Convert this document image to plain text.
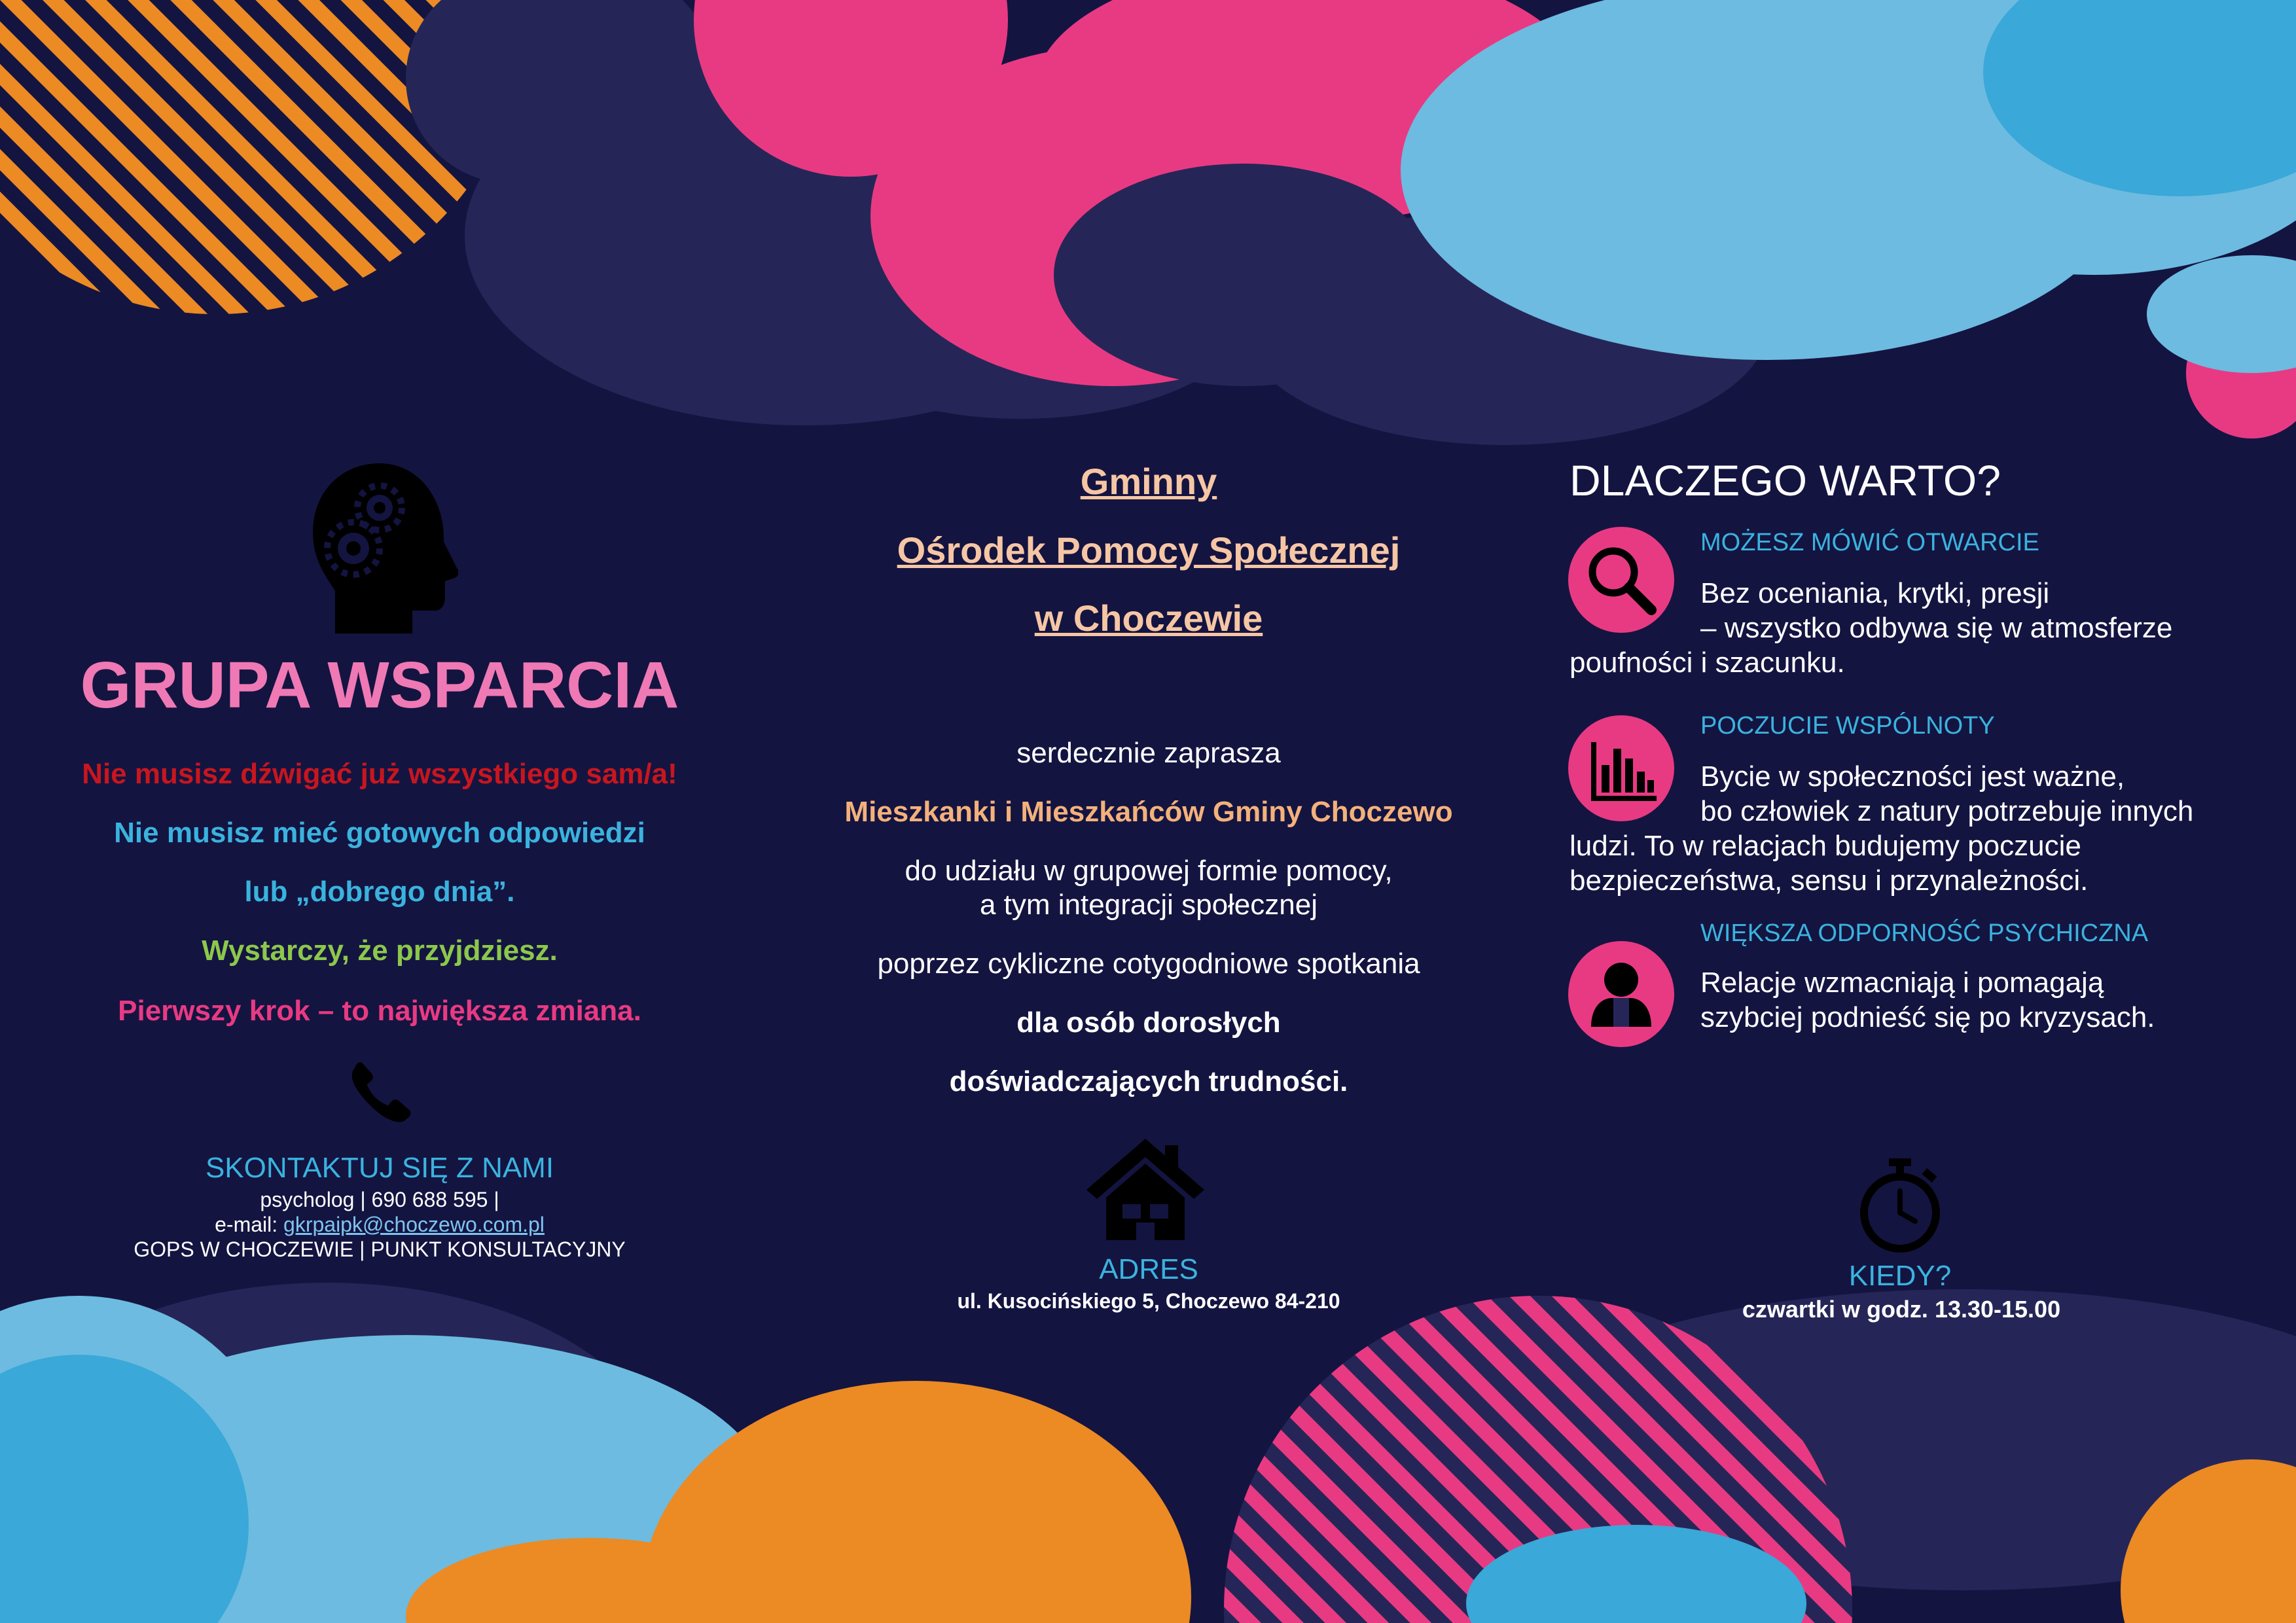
GRUPA WSPARCIA
Nie musisz dźwigać już wszystkiego sam/a!
Nie musisz mieć gotowych odpowiedzi
lub „dobrego dnia”.
Wystarczy, że przyjdziesz.
Pierwszy krok – to największa zmiana.
SKONTAKTUJ SIĘ Z NAMI
psycholog | 690 688 595 |
e-mail: gkrpaipk@choczewo.com.pl
GOPS W CHOCZEWIE | PUNKT KONSULTACYJNY
Gminny
Ośrodek Pomocy Społecznej
w Choczewie
serdecznie zaprasza
Mieszkanki i Mieszkańców Gminy Choczewo
do udziału w grupowej formie pomocy,
a tym integracji społecznej
poprzez cykliczne cotygodniowe spotkania
dla osób dorosłych
doświadczających trudności.
ADRES
ul. Kusocińskiego 5, Choczewo 84-210
DLACZEGO WARTO?
MOŻESZ MÓWIĆ OTWARCIE
Bez oceniania, krytki, presji
– wszystko odbywa się w atmosferze
poufności i szacunku.
POCZUCIE WSPÓLNOTY
Bycie w społeczności jest ważne,
bo człowiek z natury potrzebuje innych
ludzi. To w relacjach budujemy poczucie
bezpieczeństwa, sensu i przynależności.
WIĘKSZA ODPORNOŚĆ PSYCHICZNA
Relacje wzmacniają i pomagają
szybciej podnieść się po kryzysach.
KIEDY?
czwartki w godz. 13.30-15.00
